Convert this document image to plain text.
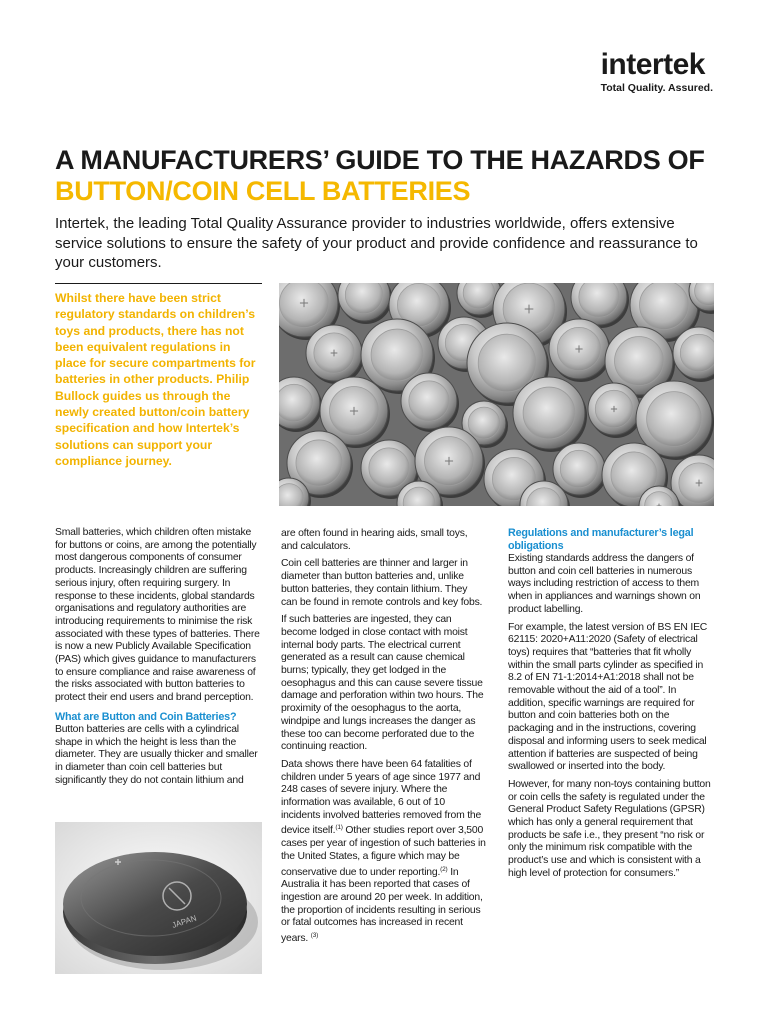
intertek
Total Quality. Assured.
A MANUFACTURERS’ GUIDE TO THE HAZARDS OF
BUTTON/COIN CELL BATTERIES
Intertek, the leading Total Quality Assurance provider to industries worldwide, offers extensive service solutions to ensure the safety of your product and provide confidence and reassurance to your customers.
Whilst there have been strict regulatory standards on children’s toys and products, there has not been equivalent regulations in place for secure compartments for batteries in other products. Philip Bullock guides us through the newly created button/coin battery specification and how Intertek’s solutions can support your compliance journey.

Small batteries, which children often mistake for buttons or coins, are among the potentially most dangerous components of consumer products. Increasingly children are suffering serious injury, often requiring surgery. In response to these incidents, global standards organisations and regulatory authorities are introducing requirements to minimise the risk associated with these types of batteries. There is now a new Publicly Available Specification (PAS) which gives guidance to manufacturers to ensure compliance and raise awareness of the risks associated with button batteries to protect their end users and brand perception.

What are Button and Coin Batteries?

Button batteries are cells with a cylindrical shape in which the height is less than the diameter. They are usually thicker and smaller in diameter than coin cell batteries but significantly they do not contain lithium and

JAPAN

are often found in hearing aids, small toys, and calculators.

Coin cell batteries are thinner and larger in diameter than button batteries and, unlike button batteries, they contain lithium. They can be found in remote controls and key fobs.

If such batteries are ingested, they can become lodged in close contact with moist internal body parts. The electrical current generated as a result can cause chemical burns; typically, they get lodged in the oesophagus and this can cause severe tissue damage and perforation within two hours. The proximity of the oesophagus to the aorta, windpipe and lungs increases the danger as these too can become perforated due to the continuing reaction.

Data shows there have been 64 fatalities of children under 5 years of age since 1977 and 248 cases of severe injury. Where the information was available, 6 out of 10 incidents involved batteries removed from the device itself.$^{(1)}$ Other studies report over 3,500 cases per year of ingestion of such batteries in the United States, a figure which may be conservative due to under reporting.$^{(2)}$ In Australia it has been reported that cases of ingestion are around 20 per week. In addition, the proportion of incidents resulting in serious or fatal outcomes has increased in recent years. $^{(3)}$

Regulations and manufacturer’s legal obligations

Existing standards address the dangers of button and coin cell batteries in numerous ways including restriction of access to them when in appliances and warnings shown on product labelling.

For example, the latest version of BS EN IEC 62115: 2020+A11:2020 (Safety of electrical toys) requires that “batteries that fit wholly within the small parts cylinder as specified in 8.2 of EN 71-1:2014+A1:2018 shall not be removable without the aid of a tool”. In addition, specific warnings are required for button and coin batteries both on the packaging and in the instructions, covering disposal and informing users to seek medical attention if batteries are suspected of being swallowed or inserted into the body.

However, for many non-toys containing button or coin cells the safety is regulated under the General Product Safety Regulations (GPSR) which has only a general requirement that products be safe i.e., they present “no risk or only the minimum risk compatible with the product’s use and which is consistent with a high level of protection for consumers.”
